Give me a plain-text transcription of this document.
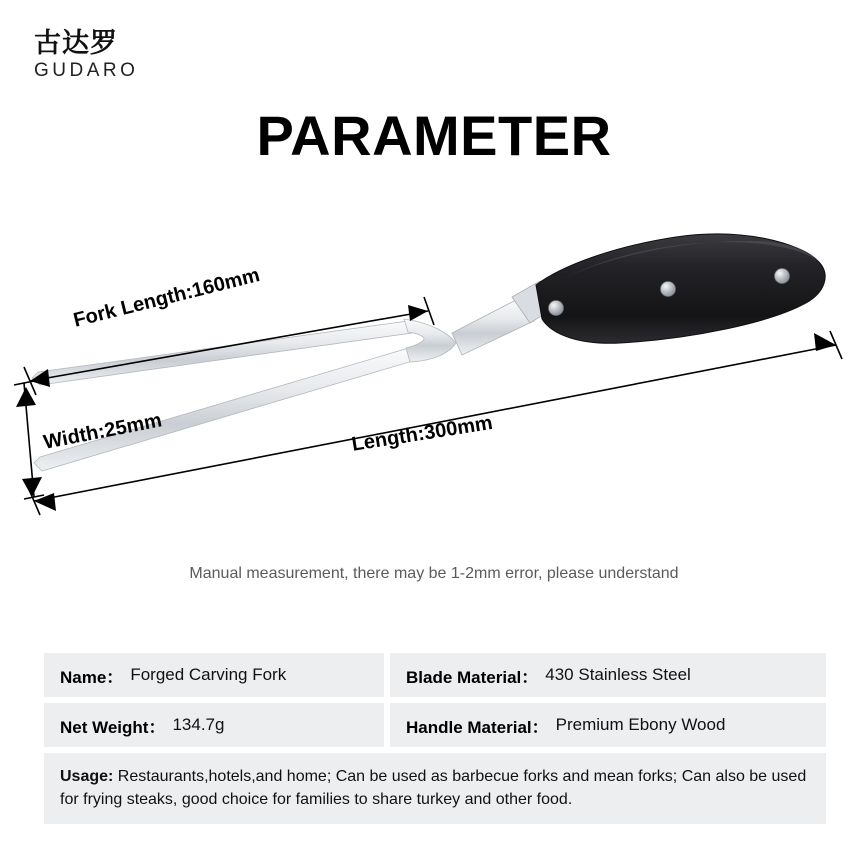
古达罗
GUDARO
PARAMETER
Fork Length:160mm
Width:25mm	Length:300mm
Manual measurement, there may be 1-2mm error, please understand
Name： Forged Carving Fork	Blade Material： 430 Stainless Steel
Net Weight： 134.7g	Handle Material： Premium Ebony Wood
Usage: Restaurants,hotels,and home; Can be used as barbecue forks and mean forks; Can also be used for frying steaks, good choice for families to share turkey and other food.
